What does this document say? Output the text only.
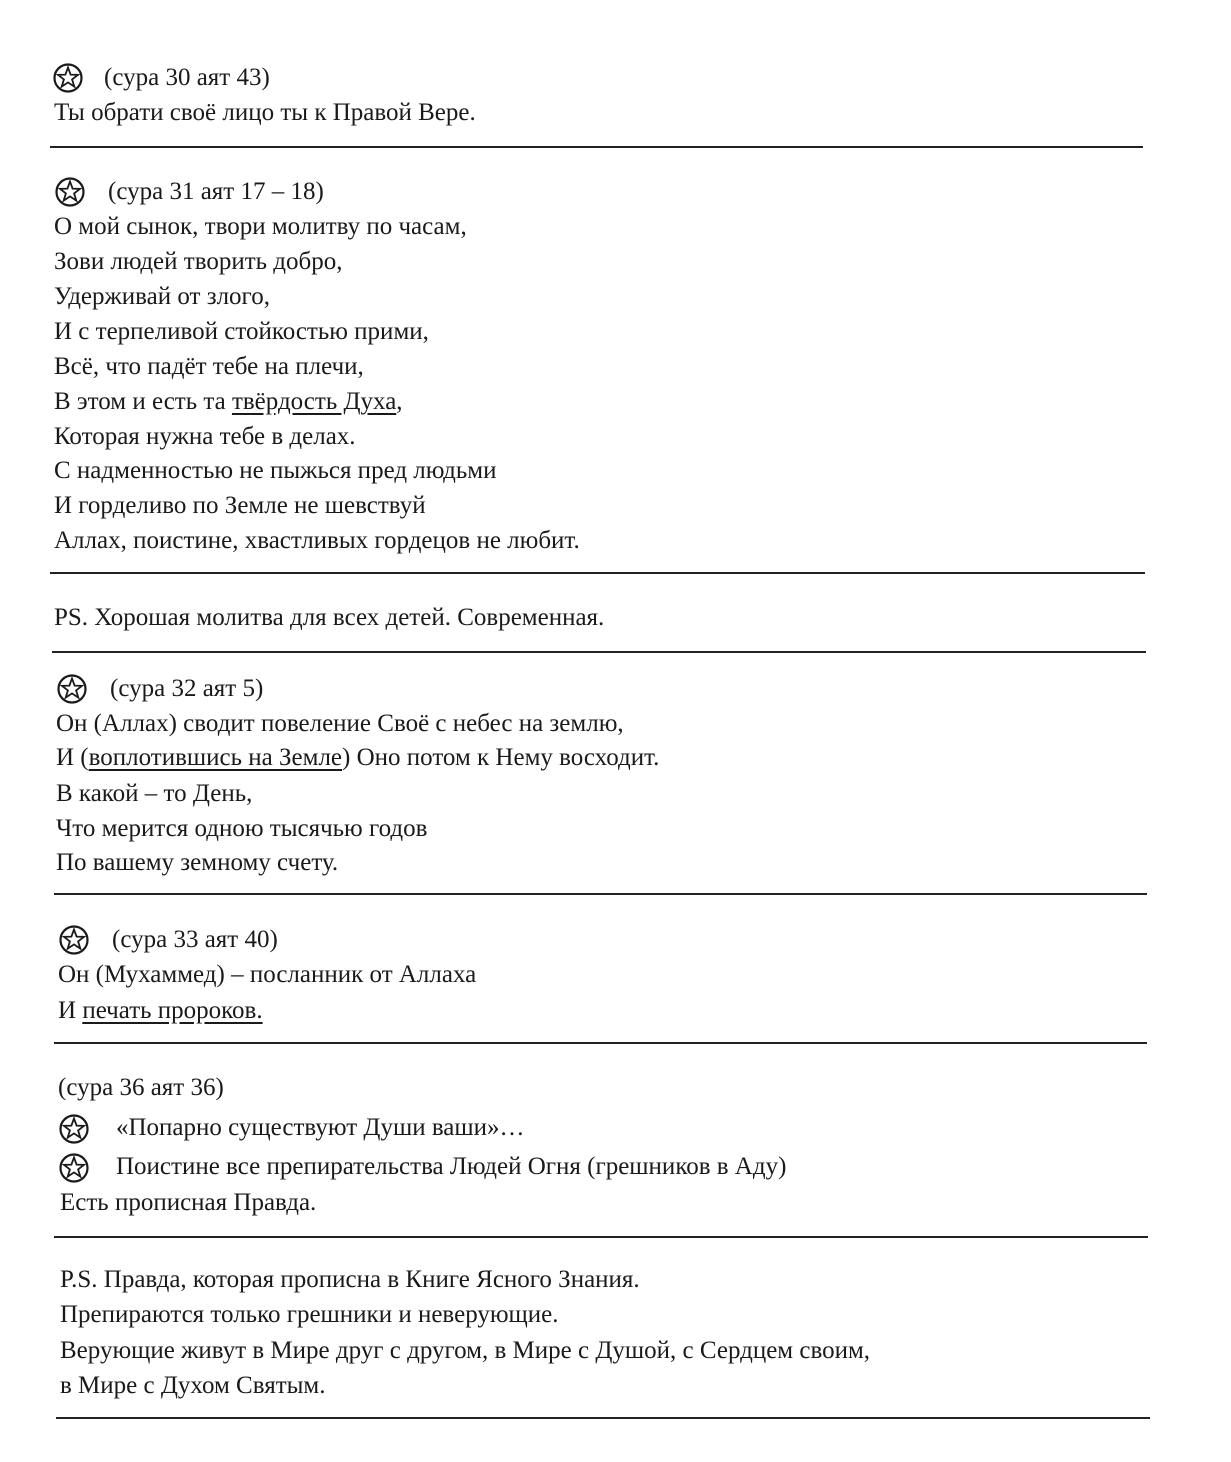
(сура 30 аят 43)
Ты обрати своё лицо ты к Правой Вере.
(сура 31 аят 17 – 18)
О мой сынок, твори молитву по часам,
Зови людей творить добро,
Удерживай от злого,
И с терпеливой стойкостью прими,
Всё, что падёт тебе на плечи,
В этом и есть та твёрдость Духа,
Которая нужна тебе в делах.
С надменностью не пыжься пред людьми
И горделиво по Земле не шевствуй
Аллах, поистине, хвастливых гордецов не любит.
PS. Хорошая молитва для всех детей. Современная.
(сура 32 аят 5)
Он (Аллах) сводит повеление Своё с небес на землю,
И (воплотившись на Земле) Оно потом к Нему восходит.
В какой – то День,
Что мерится одною тысячью годов
По вашему земному счету.
(сура 33 аят 40)
Он (Мухаммед) – посланник от Аллаха
И печать пророков.
(сура 36 аят 36)
«Попарно существуют Души ваши»…
Поистине все препирательства Людей Огня (грешников в Аду)
Есть прописная Правда.
P.S. Правда, которая прописна в Книге Ясного Знания.
Препираются только грешники и неверующие.
Верующие живут в Мире друг с другом, в Мире с Душой, с Сердцем своим,
в Мире с Духом Святым.
